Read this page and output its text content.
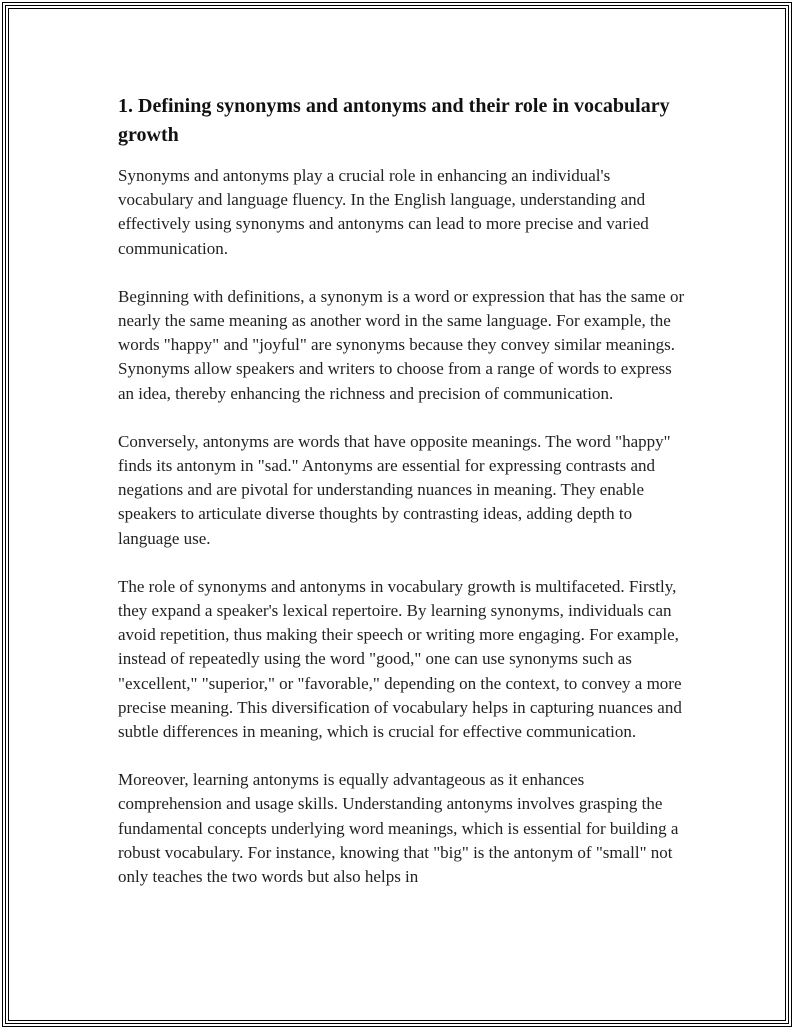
1. Defining synonyms and antonyms and their role in vocabulary growth

Synonyms and antonyms play a crucial role in enhancing an individual's vocabulary and language fluency. In the English language, understanding and effectively using synonyms and antonyms can lead to more precise and varied communication.

Beginning with definitions, a synonym is a word or expression that has the same or nearly the same meaning as another word in the same language. For example, the words "happy" and "joyful" are synonyms because they convey similar meanings. Synonyms allow speakers and writers to choose from a range of words to express an idea, thereby enhancing the richness and precision of communication.

Conversely, antonyms are words that have opposite meanings. The word "happy" finds its antonym in "sad." Antonyms are essential for expressing contrasts and negations and are pivotal for understanding nuances in meaning. They enable speakers to articulate diverse thoughts by contrasting ideas, adding depth to language use.

The role of synonyms and antonyms in vocabulary growth is multifaceted. Firstly, they expand a speaker's lexical repertoire. By learning synonyms, individuals can avoid repetition, thus making their speech or writing more engaging. For example, instead of repeatedly using the word "good," one can use synonyms such as "excellent," "superior," or "favorable," depending on the context, to convey a more precise meaning. This diversification of vocabulary helps in capturing nuances and subtle differences in meaning, which is crucial for effective communication.

Moreover, learning antonyms is equally advantageous as it enhances comprehension and usage skills. Understanding antonyms involves grasping the fundamental concepts underlying word meanings, which is essential for building a robust vocabulary. For instance, knowing that "big" is the antonym of "small" not only teaches the two words but also helps in
